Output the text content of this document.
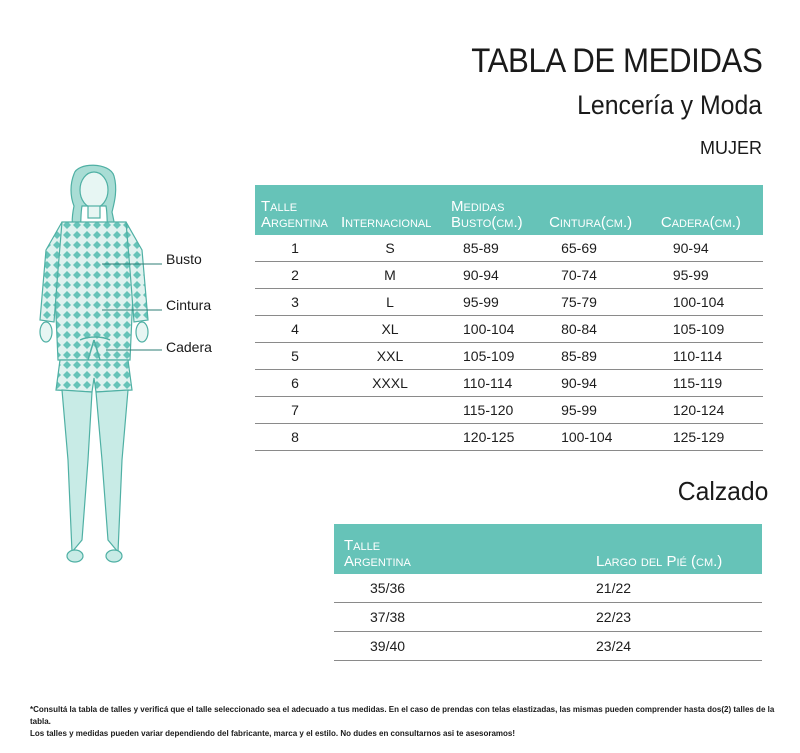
TABLA DE MEDIDAS
Lencería y Moda
MUJER
Busto
Cintura
Cadera
Talle
Argentina	Internacional	Medidas
Busto(cm.)	Cintura(cm.)	Cadera(cm.)
1	S	85-89	65-69	90-94
2	M	90-94	70-74	95-99
3	L	95-99	75-79	100-104
4	XL	100-104	80-84	105-109
5	XXL	105-109	85-89	110-114
6	XXXL	110-114	90-94	115-119
7		115-120	95-99	120-124
8		120-125	100-104	125-129
Calzado
Talle
Argentina	Largo del Pié (cm.)
35/36	21/22
37/38	22/23
39/40	23/24
*Consultá la tabla de talles y verificá que el talle seleccionado sea el adecuado a tus medidas. En el caso de prendas con telas elastizadas, las mismas pueden comprender hasta dos(2) talles de la tabla.
Los talles y medidas pueden variar dependiendo del fabricante, marca y el estilo. No dudes en consultarnos asi te asesoramos!
